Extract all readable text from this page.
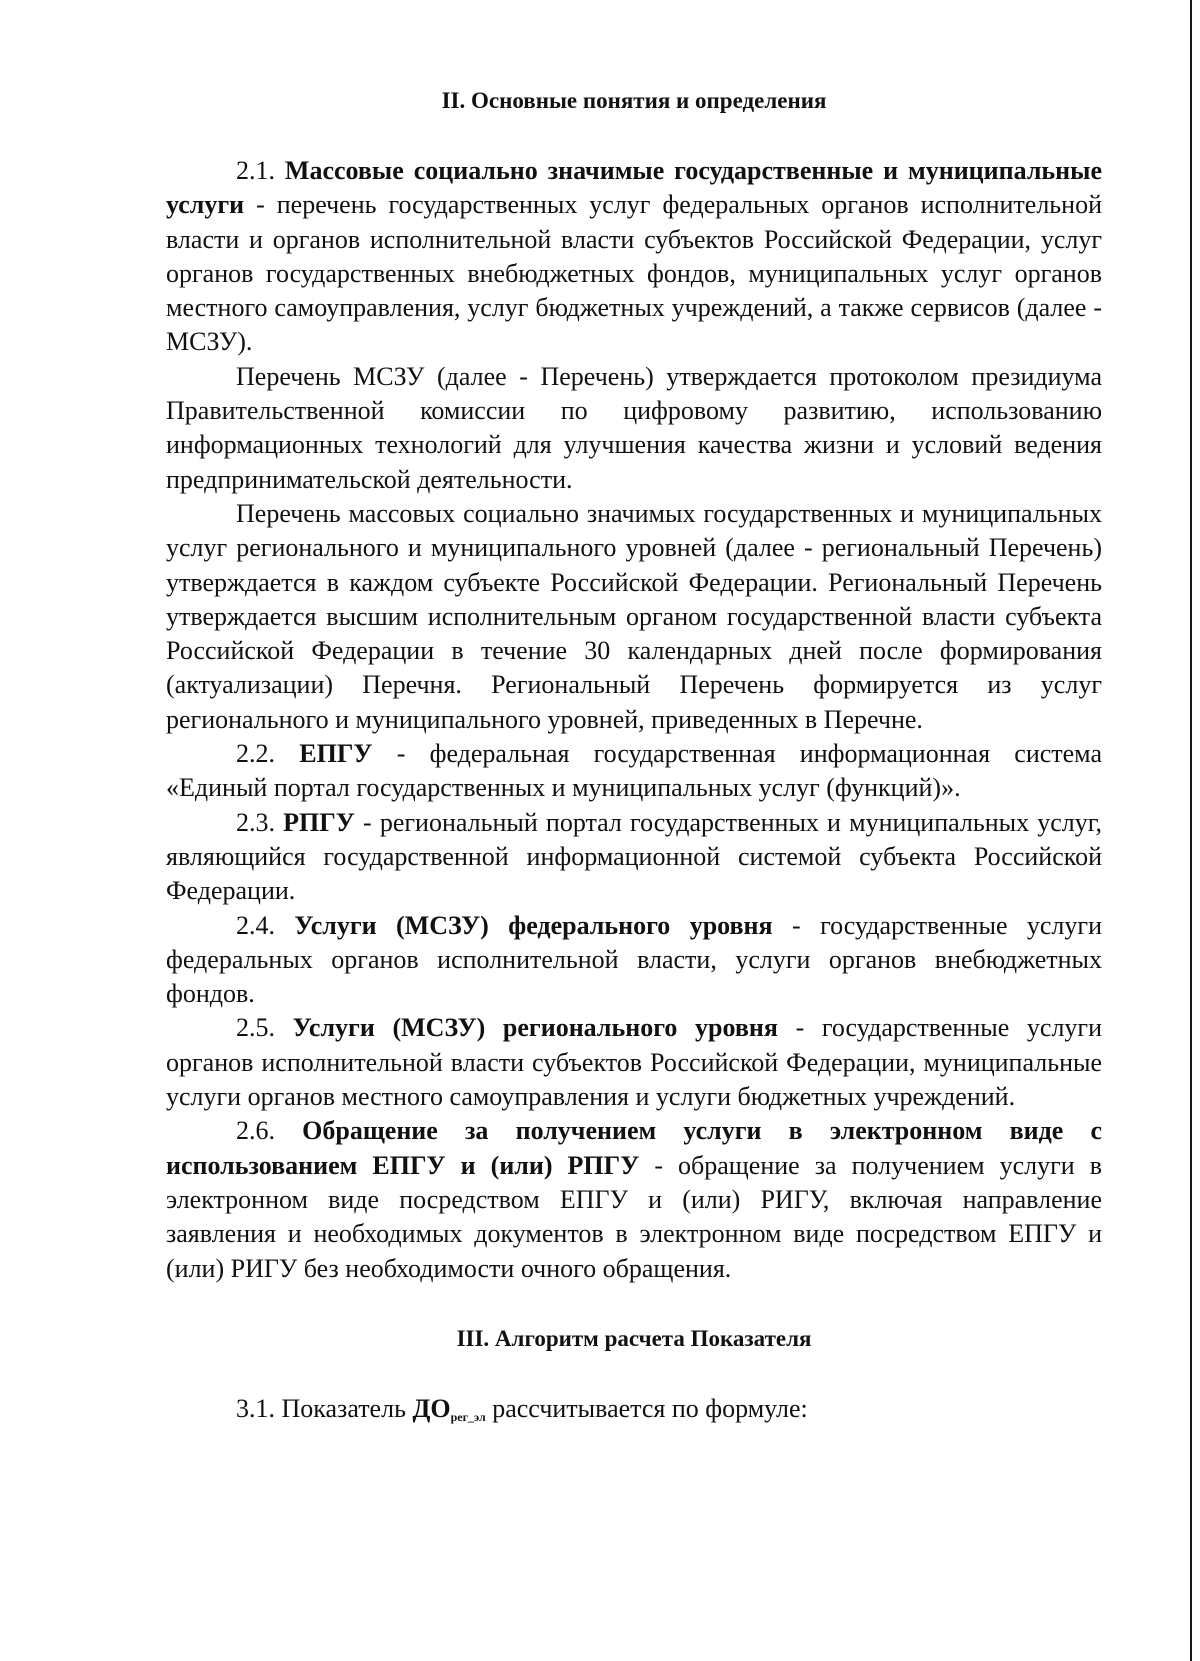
II. Основные понятия и определения

2.1. Массовые социально значимые государственные и муниципальные услуги - перечень государственных услуг федеральных органов исполнительной власти и органов исполнительной власти субъектов Российской Федерации, услуг органов государственных внебюджетных фондов, муниципальных услуг органов местного самоуправления, услуг бюджетных учреждений, а также сервисов (далее - МСЗУ).

Перечень МСЗУ (далее - Перечень) утверждается протоколом президиума Правительственной комиссии по цифровому развитию, использованию информационных технологий для улучшения качества жизни и условий ведения предпринимательской деятельности.

Перечень массовых социально значимых государственных и муниципальных услуг регионального и муниципального уровней (далее - региональный Перечень) утверждается в каждом субъекте Российской Федерации. Региональный Перечень утверждается высшим исполнительным органом государственной власти субъекта Российской Федерации в течение 30 календарных дней после формирования (актуализации) Перечня. Региональный Перечень формируется из услуг регионального и муниципального уровней, приведенных в Перечне.

2.2. ЕПГУ - федеральная государственная информационная система «Единый портал государственных и муниципальных услуг (функций)».

2.3. РПГУ - региональный портал государственных и муниципальных услуг, являющийся государственной информационной системой субъекта Российской Федерации.

2.4. Услуги (МСЗУ) федерального уровня - государственные услуги федеральных органов исполнительной власти, услуги органов внебюджетных фондов.

2.5. Услуги (МСЗУ) регионального уровня - государственные услуги органов исполнительной власти субъектов Российской Федерации, муниципальные услуги органов местного самоуправления и услуги бюджетных учреждений.

2.6. Обращение за получением услуги в электронном виде с использованием ЕПГУ и (или) РПГУ - обращение за получением услуги в электронном виде посредством ЕПГУ и (или) РИГУ, включая направление заявления и необходимых документов в электронном виде посредством ЕПГУ и (или) РИГУ без необходимости очного обращения.

III. Алгоритм расчета Показателя

3.1. Показатель $ДО_{рег\_эл}$ рассчитывается по формуле:
